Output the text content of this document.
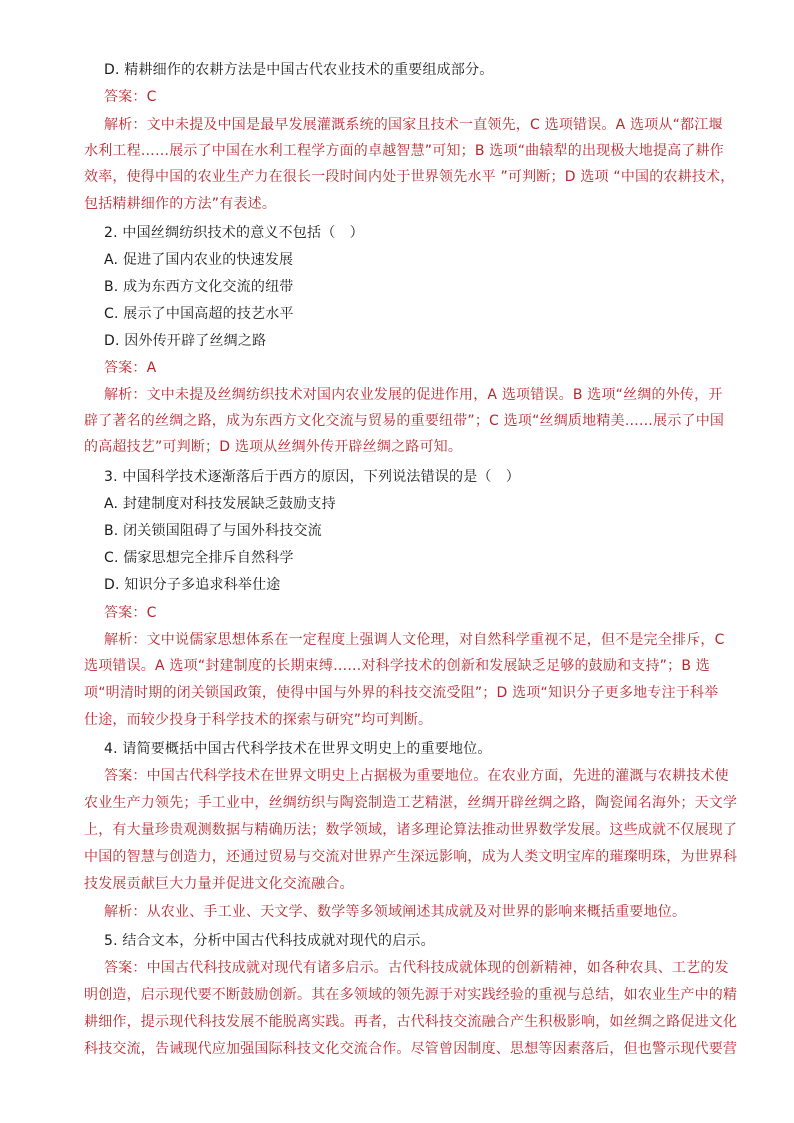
D. 精耕细作的农耕方法是中国古代农业技术的重要组成部分。
答案：C
解析：文中未提及中国是最早发展灌溉系统的国家且技术一直领先，C 选项错误。A 选项从“都江堰
水利工程……展示了中国在水利工程学方面的卓越智慧”可知；B 选项“曲辕犁的出现极大地提高了耕作
效率，使得中国的农业生产力在很长一段时间内处于世界领先水平 ”可判断；D 选项 “中国的农耕技术，
包括精耕细作的方法”有表述。
2. 中国丝绸纺织技术的意义不包括（　）
A. 促进了国内农业的快速发展
B. 成为东西方文化交流的纽带
C. 展示了中国高超的技艺水平
D. 因外传开辟了丝绸之路
答案：A
解析：文中未提及丝绸纺织技术对国内农业发展的促进作用，A 选项错误。B 选项“丝绸的外传，开
辟了著名的丝绸之路，成为东西方文化交流与贸易的重要纽带”；C 选项“丝绸质地精美……展示了中国
的高超技艺”可判断；D 选项从丝绸外传开辟丝绸之路可知。
3. 中国科学技术逐渐落后于西方的原因，下列说法错误的是（　）
A. 封建制度对科技发展缺乏鼓励支持
B. 闭关锁国阻碍了与国外科技交流
C. 儒家思想完全排斥自然科学
D. 知识分子多追求科举仕途
答案：C
解析：文中说儒家思想体系在一定程度上强调人文伦理，对自然科学重视不足，但不是完全排斥，C
选项错误。A 选项“封建制度的长期束缚……对科学技术的创新和发展缺乏足够的鼓励和支持”；B 选
项“明清时期的闭关锁国政策，使得中国与外界的科技交流受阻”；D 选项“知识分子更多地专注于科举
仕途，而较少投身于科学技术的探索与研究”均可判断。
4. 请简要概括中国古代科学技术在世界文明史上的重要地位。
答案：中国古代科学技术在世界文明史上占据极为重要地位。在农业方面，先进的灌溉与农耕技术使
农业生产力领先；手工业中，丝绸纺织与陶瓷制造工艺精湛，丝绸开辟丝绸之路，陶瓷闻名海外；天文学
上，有大量珍贵观测数据与精确历法；数学领域，诸多理论算法推动世界数学发展。这些成就不仅展现了
中国的智慧与创造力，还通过贸易与交流对世界产生深远影响，成为人类文明宝库的璀璨明珠，为世界科
技发展贡献巨大力量并促进文化交流融合。
解析：从农业、手工业、天文学、数学等多领域阐述其成就及对世界的影响来概括重要地位。
5. 结合文本，分析中国古代科技成就对现代的启示。
答案：中国古代科技成就对现代有诸多启示。古代科技成就体现的创新精神，如各种农具、工艺的发
明创造，启示现代要不断鼓励创新。其在多领域的领先源于对实践经验的重视与总结，如农业生产中的精
耕细作，提示现代科技发展不能脱离实践。再者，古代科技交流融合产生积极影响，如丝绸之路促进文化
科技交流，告诫现代应加强国际科技文化交流合作。尽管曾因制度、思想等因素落后，但也警示现代要营
